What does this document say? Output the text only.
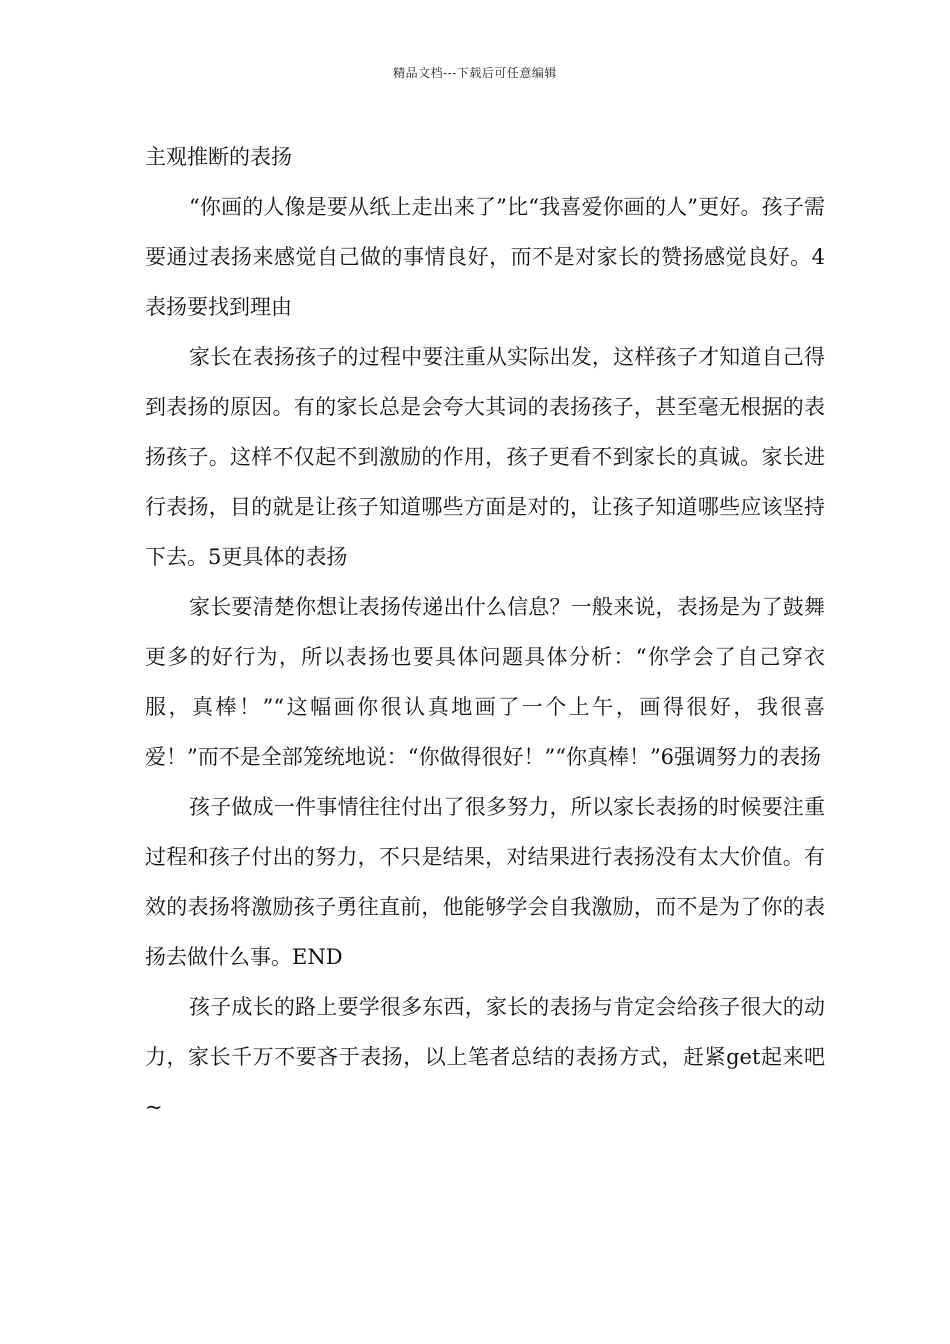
精品文档---下载后可任意编辑

主观推断的表扬

“你画的人像是要从纸上走出来了”比“我喜爱你画的人”更好。孩子需要通过表扬来感觉自己做的事情良好，而不是对家长的赞扬感觉良好。4表扬要找到理由

家长在表扬孩子的过程中要注重从实际出发，这样孩子才知道自己得到表扬的原因。有的家长总是会夸大其词的表扬孩子，甚至毫无根据的表扬孩子。这样不仅起不到激励的作用，孩子更看不到家长的真诚。家长进行表扬，目的就是让孩子知道哪些方面是对的，让孩子知道哪些应该坚持下去。5更具体的表扬

家长要清楚你想让表扬传递出什么信息？一般来说，表扬是为了鼓舞更多的好行为，所以表扬也要具体问题具体分析：“你学会了自己穿衣服，真棒！”“这幅画你很认真地画了一个上午，画得很好，我很喜爱！”而不是全部笼统地说：“你做得很好！”“你真棒！”6强调努力的表扬

孩子做成一件事情往往付出了很多努力，所以家长表扬的时候要注重过程和孩子付出的努力，不只是结果，对结果进行表扬没有太大价值。有效的表扬将激励孩子勇往直前，他能够学会自我激励，而不是为了你的表扬去做什么事。END

孩子成长的路上要学很多东西，家长的表扬与肯定会给孩子很大的动力，家长千万不要吝于表扬，以上笔者总结的表扬方式，赶紧get起来吧~
